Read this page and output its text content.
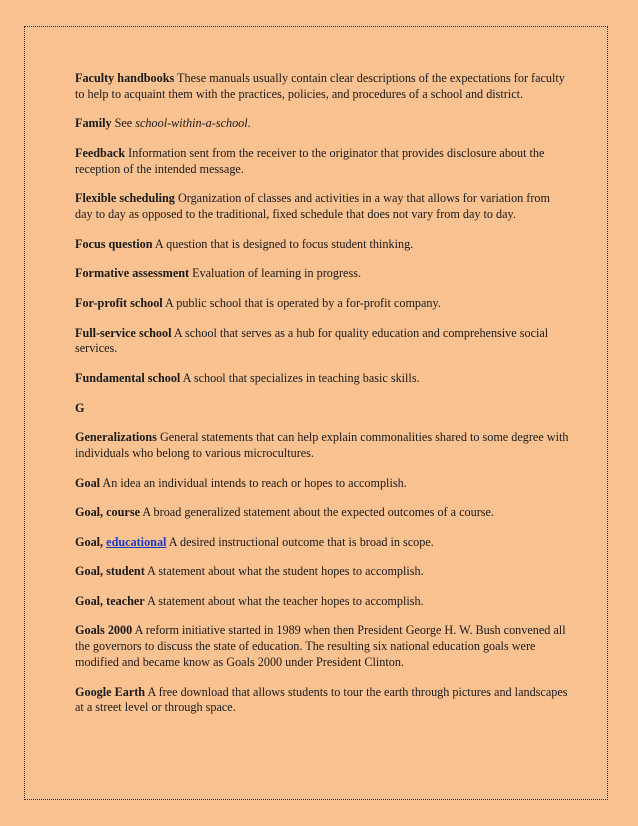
Faculty handbooks These manuals usually contain clear descriptions of the expectations for faculty to help to acquaint them with the practices, policies, and procedures of a school and district.

Family See school-within-a-school.

Feedback Information sent from the receiver to the originator that provides disclosure about the reception of the intended message.

Flexible scheduling Organization of classes and activities in a way that allows for variation from day to day as opposed to the traditional, fixed schedule that does not vary from day to day.

Focus question A question that is designed to focus student thinking.

Formative assessment Evaluation of learning in progress.

For-profit school A public school that is operated by a for-profit company.

Full-service school A school that serves as a hub for quality education and comprehensive social services.

Fundamental school A school that specializes in teaching basic skills.

G

Generalizations General statements that can help explain commonalities shared to some degree with individuals who belong to various microcultures.

Goal An idea an individual intends to reach or hopes to accomplish.

Goal, course A broad generalized statement about the expected outcomes of a course.

Goal, educational A desired instructional outcome that is broad in scope.

Goal, student A statement about what the student hopes to accomplish.

Goal, teacher A statement about what the teacher hopes to accomplish.

Goals 2000 A reform initiative started in 1989 when then President George H. W. Bush convened all the governors to discuss the state of education. The resulting six national education goals were modified and became know as Goals 2000 under President Clinton.

Google Earth A free download that allows students to tour the earth through pictures and landscapes at a street level or through space.
